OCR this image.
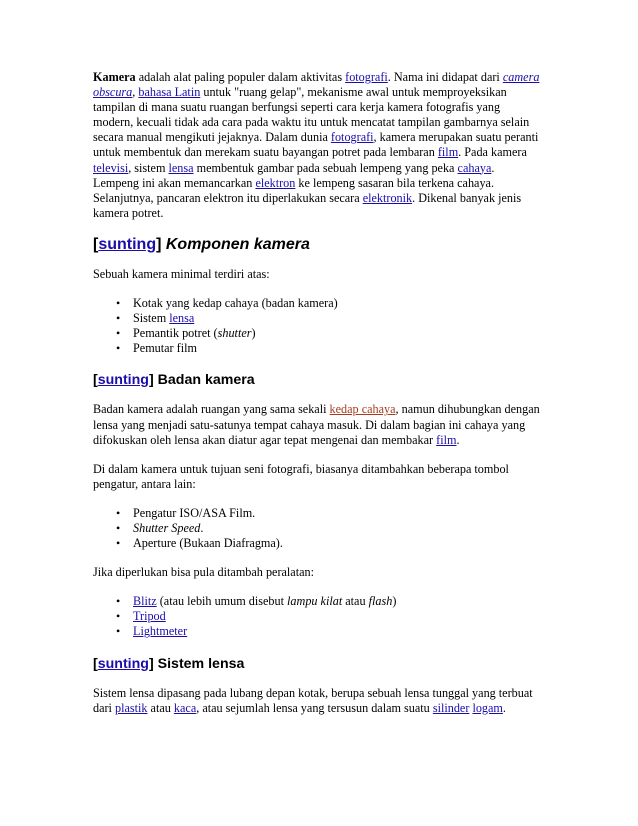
Kamera adalah alat paling populer dalam aktivitas fotografi. Nama ini didapat dari camera obscura, bahasa Latin untuk "ruang gelap", mekanisme awal untuk memproyeksikan tampilan di mana suatu ruangan berfungsi seperti cara kerja kamera fotografis yang modern, kecuali tidak ada cara pada waktu itu untuk mencatat tampilan gambarnya selain secara manual mengikuti jejaknya. Dalam dunia fotografi, kamera merupakan suatu peranti untuk membentuk dan merekam suatu bayangan potret pada lembaran film. Pada kamera televisi, sistem lensa membentuk gambar pada sebuah lempeng yang peka cahaya. Lempeng ini akan memancarkan elektron ke lempeng sasaran bila terkena cahaya. Selanjutnya, pancaran elektron itu diperlakukan secara elektronik. Dikenal banyak jenis kamera potret.

[sunting] Komponen kamera

Sebuah kamera minimal terdiri atas:

• Kotak yang kedap cahaya (badan kamera)
• Sistem lensa
• Pemantik potret (shutter)
• Pemutar film
[sunting] Badan kamera

Badan kamera adalah ruangan yang sama sekali kedap cahaya, namun dihubungkan dengan lensa yang menjadi satu-satunya tempat cahaya masuk. Di dalam bagian ini cahaya yang difokuskan oleh lensa akan diatur agar tepat mengenai dan membakar film.

Di dalam kamera untuk tujuan seni fotografi, biasanya ditambahkan beberapa tombol pengatur, antara lain:

• Pengatur ISO/ASA Film.
• Shutter Speed.
• Aperture (Bukaan Diafragma).

Jika diperlukan bisa pula ditambah peralatan:

• Blitz (atau lebih umum disebut lampu kilat atau flash)
• Tripod
• Lightmeter
[sunting] Sistem lensa

Sistem lensa dipasang pada lubang depan kotak, berupa sebuah lensa tunggal yang terbuat dari plastik atau kaca, atau sejumlah lensa yang tersusun dalam suatu silinder logam.
